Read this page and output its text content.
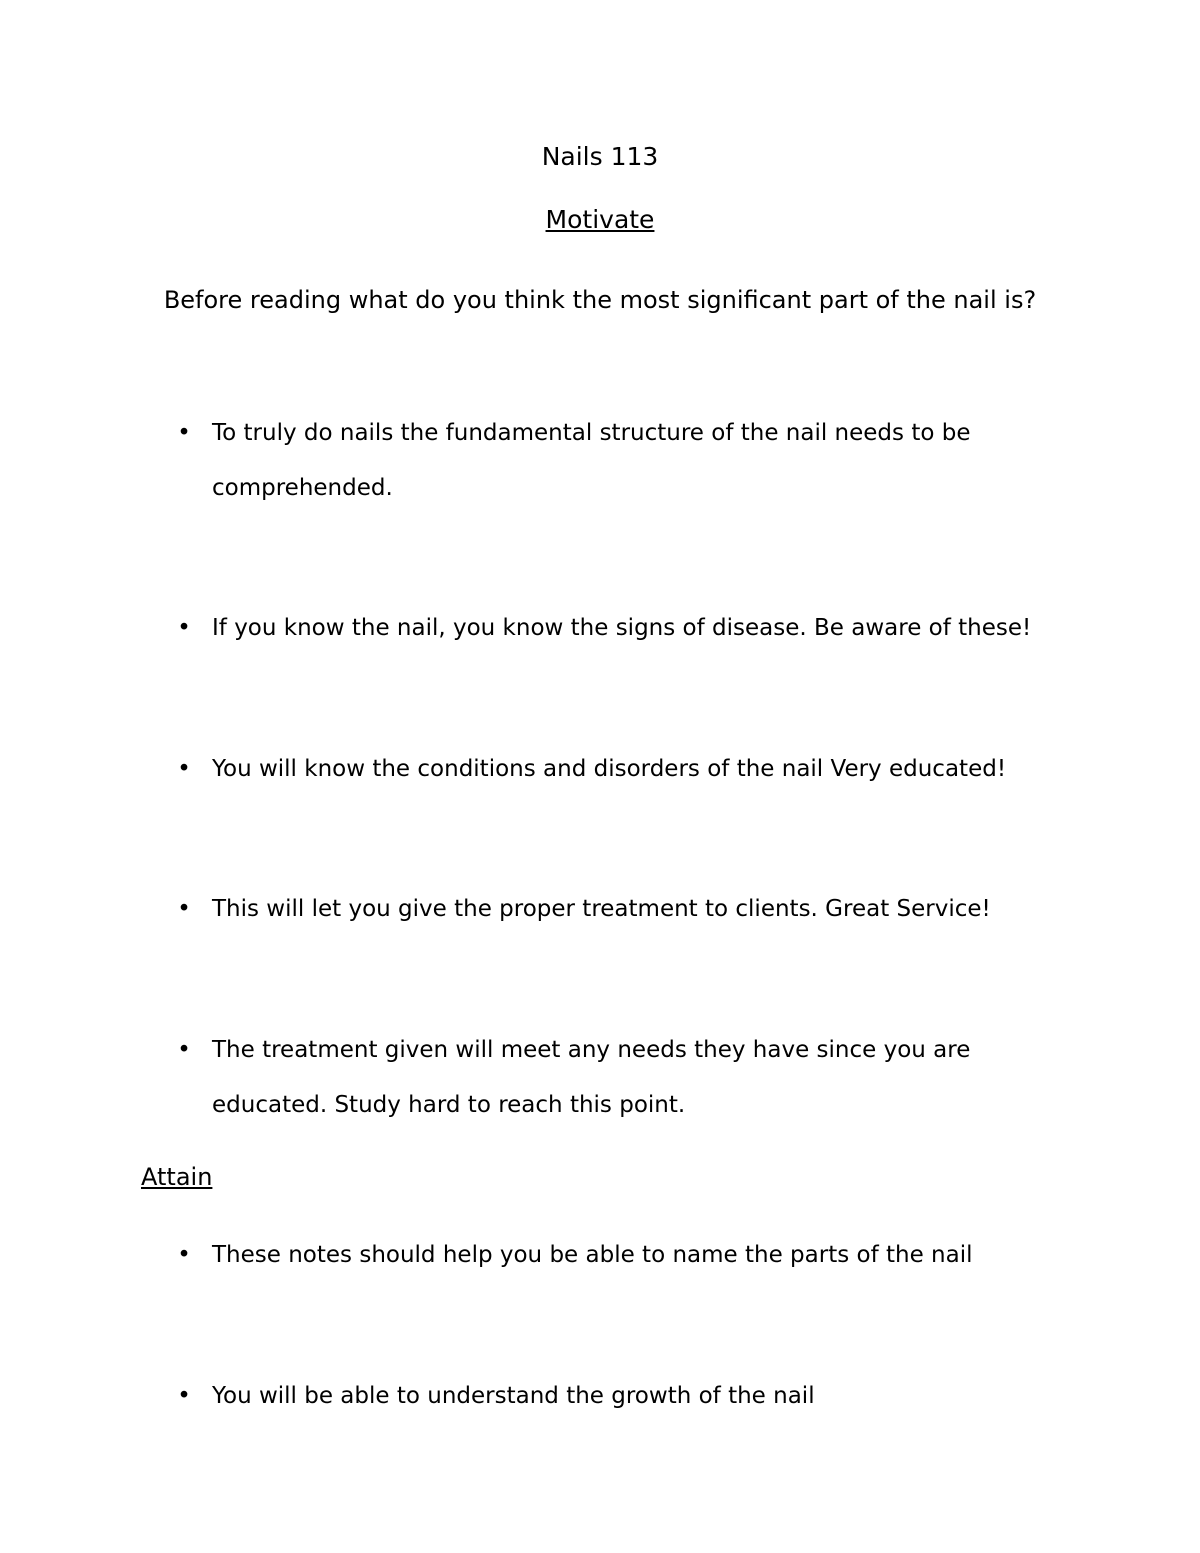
Nails 113
Motivate
Before reading what do you think the most significant part of the nail is?
• To truly do nails the fundamental structure of the nail needs to be comprehended.
• If you know the nail, you know the signs of disease. Be aware of these!
• You will know the conditions and disorders of the nail Very educated!
• This will let you give the proper treatment to clients. Great Service!
• The treatment given will meet any needs they have since you are educated. Study hard to reach this point.
Attain
• These notes should help you be able to name the parts of the nail
• You will be able to understand the growth of the nail
